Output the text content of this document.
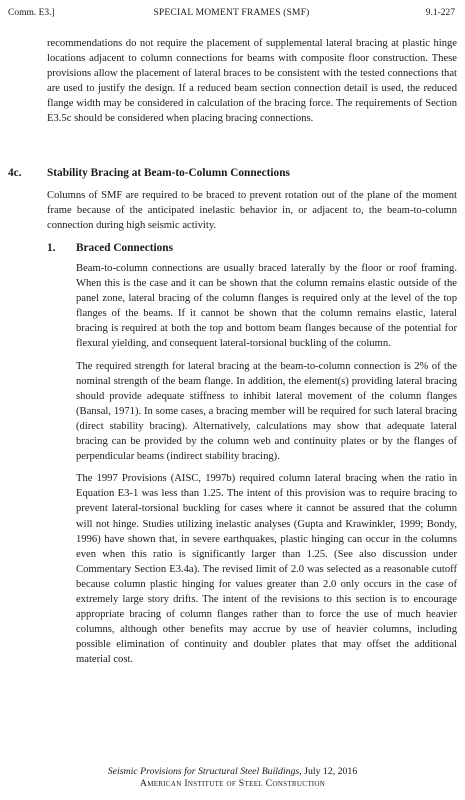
Comm. E3.]	SPECIAL MOMENT FRAMES (SMF)	9.1-227

recommendations do not require the placement of supplemental lateral bracing at plastic hinge locations adjacent to column connections for beams with composite floor construction. These provisions allow the placement of lateral braces to be consistent with the tested connections that are used to justify the design. If a reduced beam section connection detail is used, the reduced flange width may be considered in calculation of the bracing force. The requirements of Section E3.5c should be considered when placing bracing connections.

4c. Stability Bracing at Beam-to-Column Connections

Columns of SMF are required to be braced to prevent rotation out of the plane of the moment frame because of the anticipated inelastic behavior in, or adjacent to, the beam-to-column connection during high seismic activity.

1. Braced Connections

Beam-to-column connections are usually braced laterally by the floor or roof framing. When this is the case and it can be shown that the column remains elastic outside of the panel zone, lateral bracing of the column flanges is required only at the level of the top flanges of the beams. If it cannot be shown that the column remains elastic, lateral bracing is required at both the top and bottom beam flanges because of the potential for flexural yielding, and consequent lateral-torsional buckling of the column.

The required strength for lateral bracing at the beam-to-column connection is 2% of the nominal strength of the beam flange. In addition, the element(s) providing lateral bracing should provide adequate stiffness to inhibit lateral movement of the column flanges (Bansal, 1971). In some cases, a bracing member will be required for such lateral bracing (direct stability bracing). Alternatively, calculations may show that adequate lateral bracing can be provided by the column web and continuity plates or by the flanges of perpendicular beams (indirect stability bracing).

The 1997 Provisions (AISC, 1997b) required column lateral bracing when the ratio in Equation E3-1 was less than 1.25. The intent of this provision was to require bracing to prevent lateral-torsional buckling for cases where it cannot be assured that the column will not hinge. Studies utilizing inelastic analyses (Gupta and Krawinkler, 1999; Bondy, 1996) have shown that, in severe earthquakes, plastic hinging can occur in the columns even when this ratio is significantly larger than 1.25. (See also discussion under Commentary Section E3.4a). The revised limit of 2.0 was selected as a reasonable cutoff because column plastic hinging for values greater than 2.0 only occurs in the case of extremely large story drifts. The intent of the revisions to this section is to encourage appropriate bracing of column flanges rather than to force the use of much heavier columns, although other benefits may accrue by use of heavier columns, including possible elimination of continuity and doubler plates that may offset the additional material cost.

Seismic Provisions for Structural Steel Buildings, July 12, 2016
American Institute of Steel Construction
